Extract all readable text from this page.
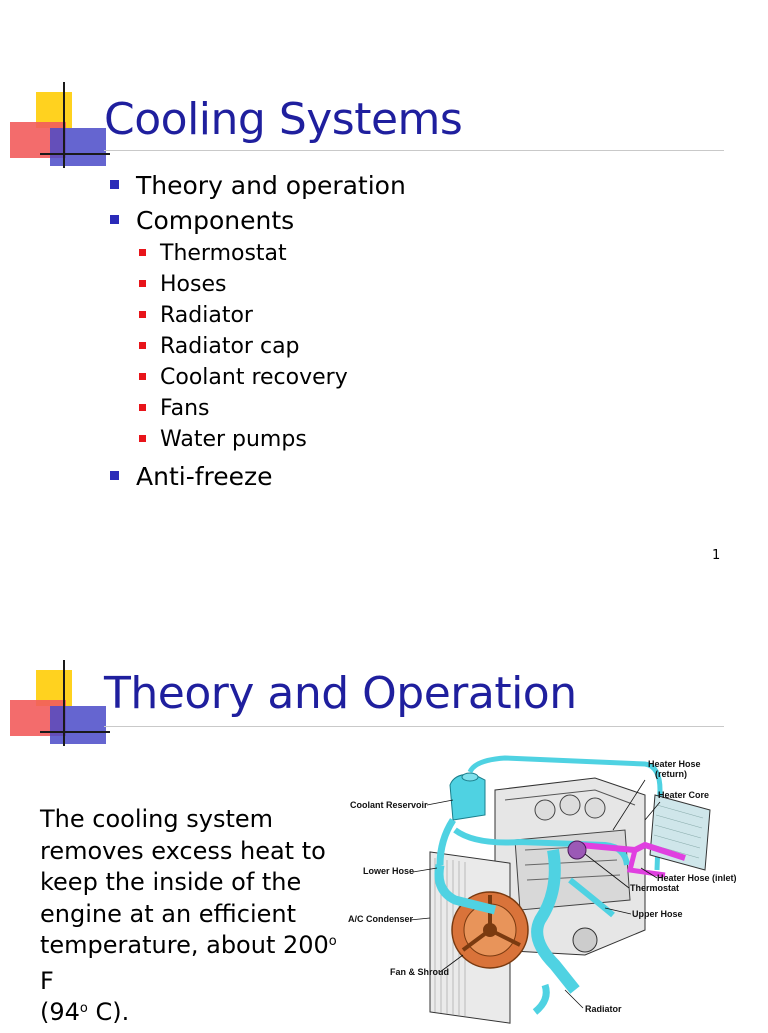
Cooling Systems
Theory and operation
Components
Thermostat
Hoses
Radiator
Radiator cap
Coolant recovery
Fans
Water pumps
Anti-freeze
1
Theory and Operation
The cooling system
removes excess heat to
keep the inside of the
engine at an efficient
temperature, about 200$^o$ F
(94$^o$ C).
Heater Hose
(return)
Heater Core
Coolant Reservoir
Lower Hose
Heater Hose (inlet)
Thermostat
A/C Condenser	Upper Hose
Fan & Shroud
Radiator
